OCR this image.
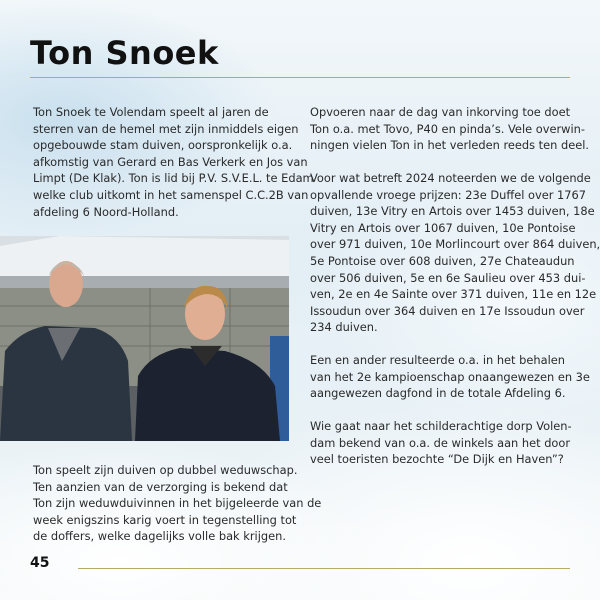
Ton Snoek
Ton Snoek te Volendam speelt al jaren de
sterren van de hemel met zijn inmiddels eigen
opgebouwde stam duiven, oorspronkelijk o.a.
afkomstig van Gerard en Bas Verkerk en Jos van
Limpt (De Klak). Ton is lid bij P.V. S.V.E.L. te Edam
welke club uitkomt in het samenspel C.C.2B van
afdeling 6 Noord-Holland.
Ton speelt zijn duiven op dubbel weduwschap.
Ten aanzien van de verzorging is bekend dat
Ton zijn weduwduivinnen in het bijgeleerde van de
week enigszins karig voert in tegenstelling tot
de doffers, welke dagelijks volle bak krijgen.
Opvoeren naar de dag van inkorving toe doet
Ton o.a. met Tovo, P40 en pinda’s. Vele overwin-
ningen vielen Ton in het verleden reeds ten deel.
Voor wat betreft 2024 noteerden we de volgende
opvallende vroege prijzen: 23e Duffel over 1767
duiven, 13e Vitry en Artois over 1453 duiven, 18e
Vitry en Artois over 1067 duiven, 10e Pontoise
over 971 duiven, 10e Morlincourt over 864 duiven,
5e Pontoise over 608 duiven, 27e Chateaudun
over 506 duiven, 5e en 6e Saulieu over 453 dui-
ven, 2e en 4e Sainte over 371 duiven, 11e en 12e
Issoudun over 364 duiven en 17e Issoudun over
234 duiven.
Een en ander resulteerde o.a. in het behalen
van het 2e kampioenschap onaangewezen en 3e
aangewezen dagfond in de totale Afdeling 6.
Wie gaat naar het schilderachtige dorp Volen-
dam bekend van o.a. de winkels aan het door
veel toeristen bezochte “De Dijk en Haven”?
45
